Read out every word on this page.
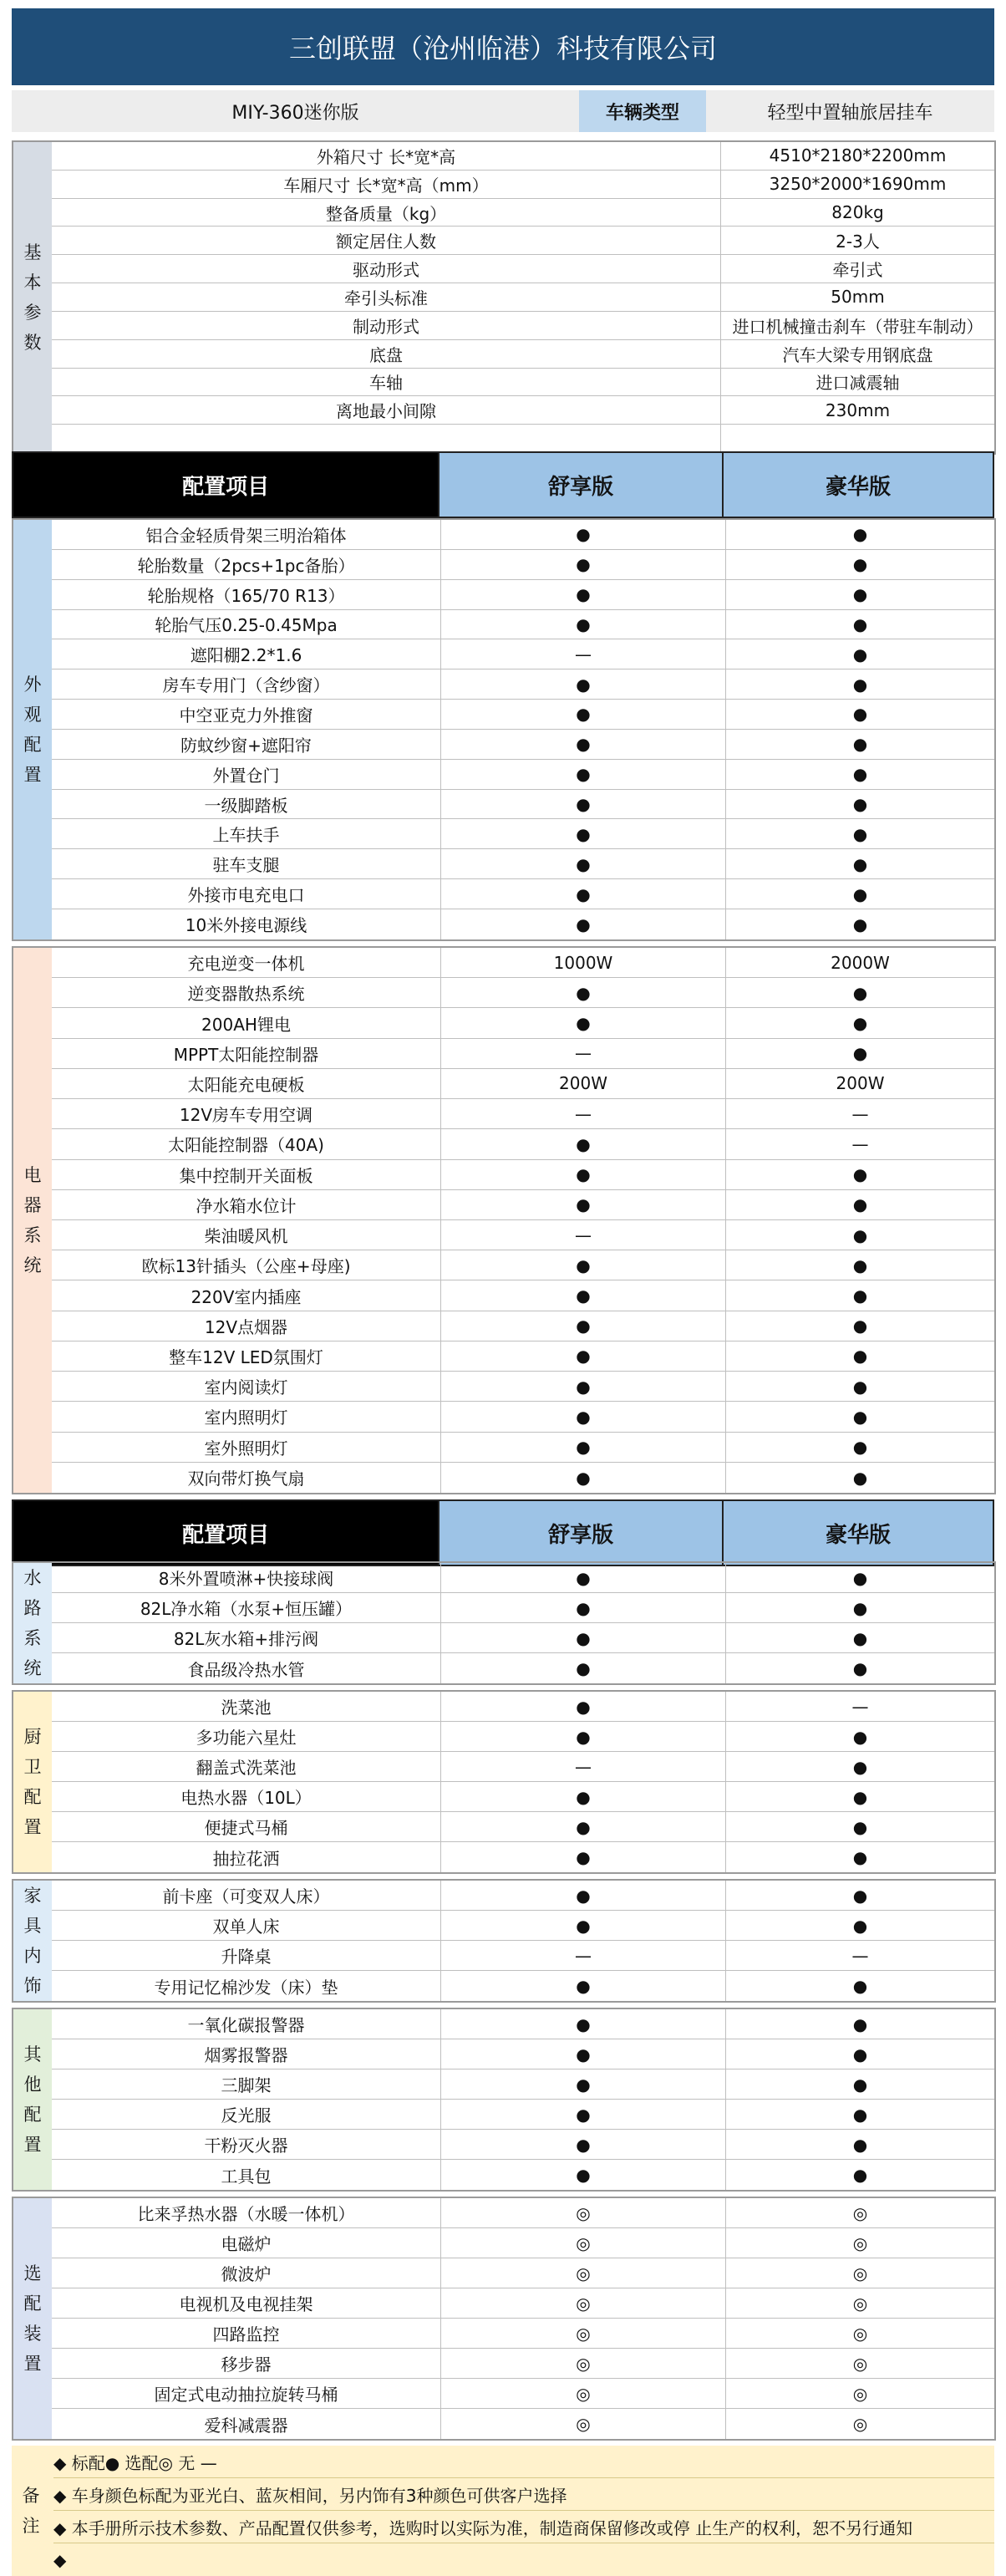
三创联盟（沧州临港）科技有限公司
MIY-360迷你版	车辆类型	轻型中置轴旅居挂车
基
本
参
数
外箱尺寸 长*宽*高	4510*2180*2200mm
车厢尺寸 长*宽*高（mm）	3250*2000*1690mm
整备质量（kg）	820kg
额定居住人数	2-3人
驱动形式	牵引式
牵引头标准	50mm
制动形式	进口机械撞击刹车（带驻车制动）
底盘	汽车大梁专用钢底盘
车轴	进口减震轴
离地最小间隙	230mm
配置项目	舒享版	豪华版
外
观
配
置
铝合金轻质骨架三明治箱体	●	●
轮胎数量（2pcs+1pc备胎）	●	●
轮胎规格（165/70 R13）	●	●
轮胎气压0.25-0.45Mpa	●	●
遮阳棚2.2*1.6	—	●
房车专用门（含纱窗）	●	●
中空亚克力外推窗	●	●
防蚊纱窗+遮阳帘	●	●
外置仓门	●	●
一级脚踏板	●	●
上车扶手	●	●
驻车支腿	●	●
外接市电充电口	●	●
10米外接电源线	●	●
电
器
系
统
充电逆变一体机	1000W	2000W
逆变器散热系统	●	●
200AH锂电	●	●
MPPT太阳能控制器	—	●
太阳能充电硬板	200W	200W
12V房车专用空调	—	—
太阳能控制器（40A)	●	—
集中控制开关面板	●	●
净水箱水位计	●	●
柴油暖风机	—	●
欧标13针插头（公座+母座)	●	●
220V室内插座	●	●
12V点烟器	●	●
整车12V LED氛围灯	●	●
室内阅读灯	●	●
室内照明灯	●	●
室外照明灯	●	●
双向带灯换气扇	●	●
配置项目	舒享版	豪华版
水
路
系
统
8米外置喷淋+快接球阀	●	●
82L净水箱（水泵+恒压罐）	●	●
82L灰水箱+排污阀	●	●
食品级冷热水管	●	●
厨
卫
配
置
洗菜池	●	—
多功能六星灶	●	●
翻盖式洗菜池	—	●
电热水器（10L）	●	●
便捷式马桶	●	●
抽拉花洒	●	●
家
具
内
饰
前卡座（可变双人床）	●	●
双单人床	●	●
升降桌	—	—
专用记忆棉沙发（床）垫	●	●
其
他
配
置
一氧化碳报警器	●	●
烟雾报警器	●	●
三脚架	●	●
反光服	●	●
干粉灭火器	●	●
工具包	●	●
选
配
装
置
比来孚热水器（水暖一体机）	◎	◎
电磁炉	◎	◎
微波炉	◎	◎
电视机及电视挂架	◎	◎
四路监控	◎	◎
移步器	◎	◎
固定式电动抽拉旋转马桶	◎	◎
爱科减震器	◎	◎
备
注
◆ 标配● 选配◎ 无 —
◆ 车身颜色标配为亚光白、蓝灰相间，另内饰有3种颜色可供客户选择
◆ 本手册所示技术参数、产品配置仅供参考，选购时以实际为准，制造商保留修改或停 止生产的权利，恕不另行通知
◆
